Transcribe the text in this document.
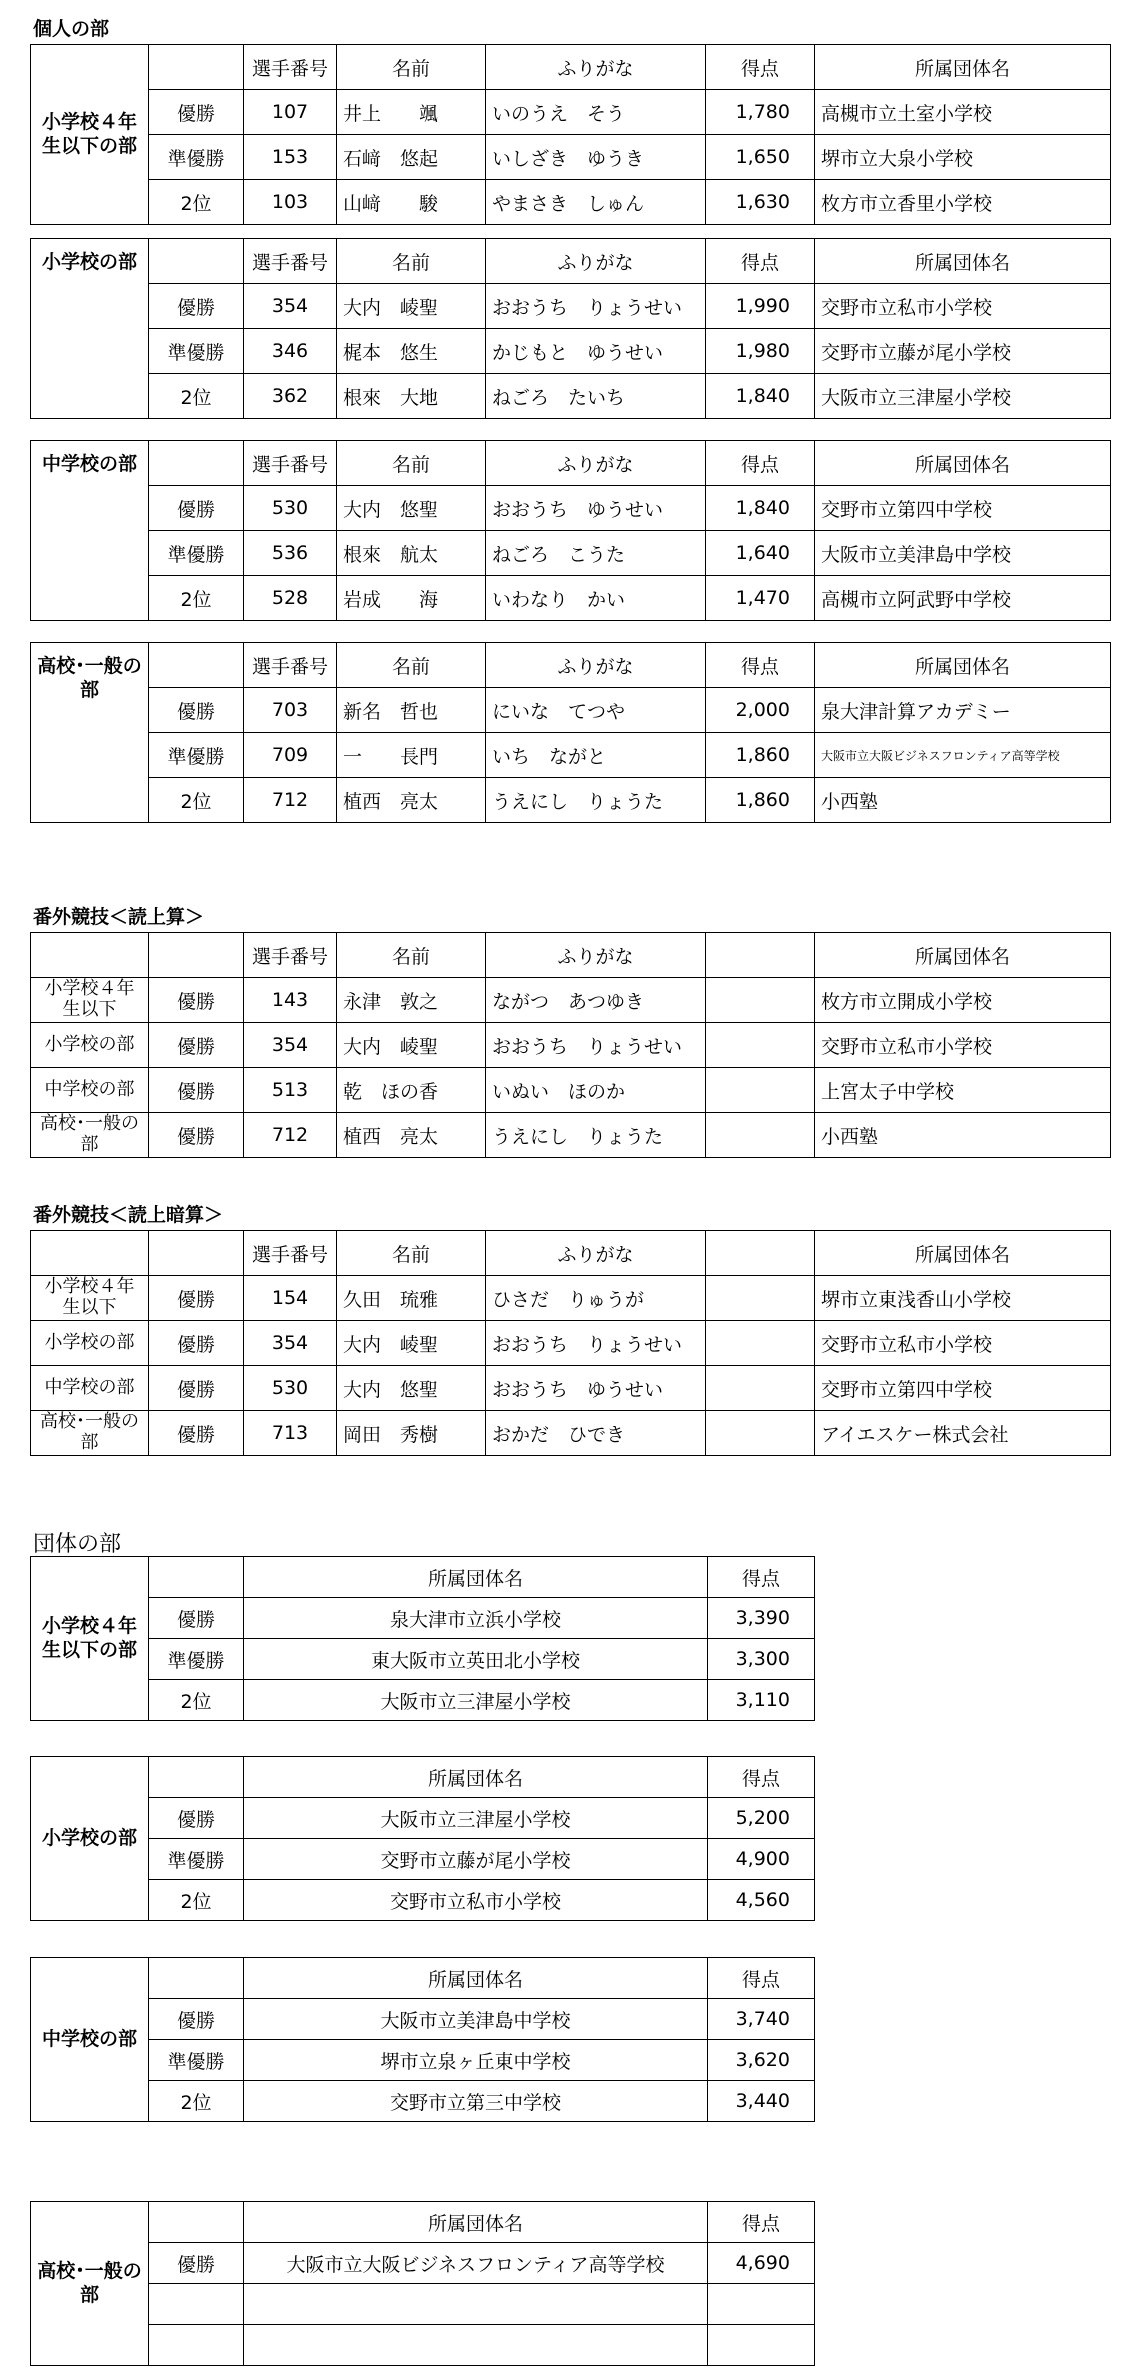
個人の部
小学校４年生以下の部		選手番号	名前	ふりがな	得点	所属団体名
	優勝	107	井上　　颯	いのうえ　そう	1,780	高槻市立土室小学校
	準優勝	153	石﨑　悠起	いしざき　ゆうき	1,650	堺市立大泉小学校
	2位	103	山﨑　　駿	やまさき　しゅん	1,630	枚方市立香里小学校
小学校の部		選手番号	名前	ふりがな	得点	所属団体名
	優勝	354	大内　崚聖	おおうち　りょうせい	1,990	交野市立私市小学校
	準優勝	346	梶本　悠生	かじもと　ゆうせい	1,980	交野市立藤が尾小学校
	2位	362	根來　大地	ねごろ　たいち	1,840	大阪市立三津屋小学校
中学校の部		選手番号	名前	ふりがな	得点	所属団体名
	優勝	530	大内　悠聖	おおうち　ゆうせい	1,840	交野市立第四中学校
	準優勝	536	根來　航太	ねごろ　こうた	1,640	大阪市立美津島中学校
	2位	528	岩成　　海	いわなり　かい	1,470	高槻市立阿武野中学校
高校･一般の部		選手番号	名前	ふりがな	得点	所属団体名
	優勝	703	新名　哲也	にいな　てつや	2,000	泉大津計算アカデミー
	準優勝	709	一　　長門	いち　ながと	1,860	大阪市立大阪ビジネスフロンティア高等学校
	2位	712	植西　亮太	うえにし　りょうた	1,860	小西塾
番外競技＜読上算＞
		選手番号	名前	ふりがな		所属団体名
小学校４年生以下	優勝	143	永津　敦之	ながつ　あつゆき		枚方市立開成小学校
小学校の部	優勝	354	大内　崚聖	おおうち　りょうせい		交野市立私市小学校
中学校の部	優勝	513	乾　ほの香	いぬい　ほのか		上宮太子中学校
高校･一般の部	優勝	712	植西　亮太	うえにし　りょうた		小西塾
番外競技＜読上暗算＞
		選手番号	名前	ふりがな		所属団体名
小学校４年生以下	優勝	154	久田　琉雅	ひさだ　りゅうが		堺市立東浅香山小学校
小学校の部	優勝	354	大内　崚聖	おおうち　りょうせい		交野市立私市小学校
中学校の部	優勝	530	大内　悠聖	おおうち　ゆうせい		交野市立第四中学校
高校･一般の部	優勝	713	岡田　秀樹	おかだ　ひでき		アイエスケー株式会社
団体の部
小学校４年生以下の部		所属団体名	得点
	優勝	泉大津市立浜小学校	3,390
	準優勝	東大阪市立英田北小学校	3,300
	2位	大阪市立三津屋小学校	3,110
小学校の部		所属団体名	得点
	優勝	大阪市立三津屋小学校	5,200
	準優勝	交野市立藤が尾小学校	4,900
	2位	交野市立私市小学校	4,560
中学校の部		所属団体名	得点
	優勝	大阪市立美津島中学校	3,740
	準優勝	堺市立泉ヶ丘東中学校	3,620
	2位	交野市立第三中学校	3,440
高校･一般の部		所属団体名	得点
	優勝	大阪市立大阪ビジネスフロンティア高等学校	4,690
